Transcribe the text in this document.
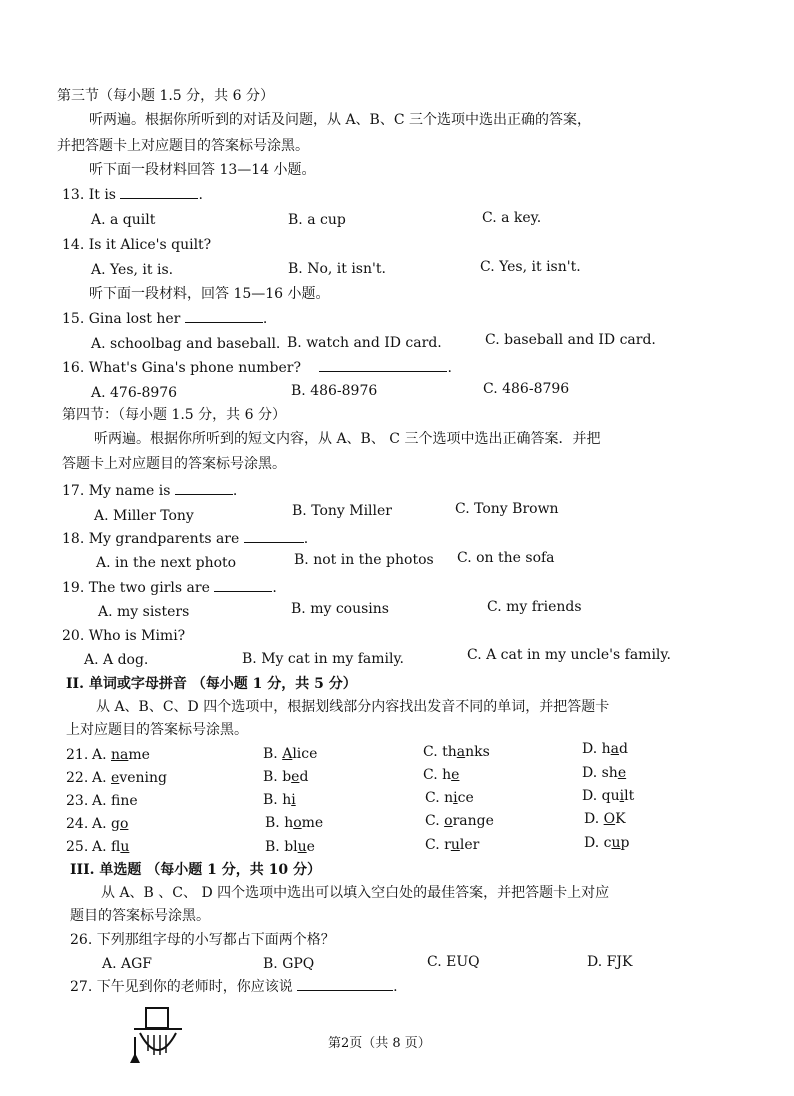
第三节（每小题 1.5 分，共 6 分）
听两遍。根据你所听到的对话及问题，从 A、B、C 三个选项中选出正确的答案，
并把答题卡上对应题目的答案标号涂黑。
听下面一段材料回答 13—14 小题。
13. It is	.
A. a quilt	B. a cup	C. a key.
14. Is it Alice's quilt?
A. Yes, it is.	B. No, it isn't.	C. Yes, it isn't.
听下面一段材料，回答 15—16 小题。
15. Gina lost her	.
A. schoolbag and baseball. B. watch and ID card.	C. baseball and ID card.
16. What's Gina's phone number?	.
A. 476-8976	B. 486-8976	C. 486-8796
第四节：（每小题 1.5 分，共 6 分）
听两遍。根据你所听到的短文内容，从 A、B、 C 三个选项中选出正确答案．并把
答题卡上对应题目的答案标号涂黑。
17. My name is	.
A. Miller Tony	B. Tony Miller	C. Tony Brown
18. My grandparents are	.
A. in the next photo	B. not in the photos C. on the sofa
19. The two girls are	.
A. my sisters	B. my cousins	C. my friends
20. Who is Mimi?
A. A dog.	B. My cat in my family.	C. A cat in my uncle's family.
II. 单词或字母拼音 （每小题 1 分，共 5 分）
从 A、B、C、D 四个选项中，根据划线部分内容找出发音不同的单词，并把答题卡
上对应题目的答案标号涂黑。
21. A. name	B. Alice	C. thanks	D. had
22. A. evening	B. bed	C. he	D. she
23. A. fne	B. hi	C. nice	D. quilt
24. A. go	B. home	C. orange	D. OK
25. A. flu	B. blue	C. ruler	D. cup
III. 单选题 （每小题 1 分，共 10 分）
从 A、B 、C、 D 四个选项中选出可以填入空白处的最佳答案，并把答题卡上对应
题目的答案标号涂黑。
26. 下列那组字母的小写都占下面两个格？
A. AGF	B. GPQ	C. EUQ	D. FJK
27. 下午见到你的老师时，你应该说	.
第2页（共 8 页）
